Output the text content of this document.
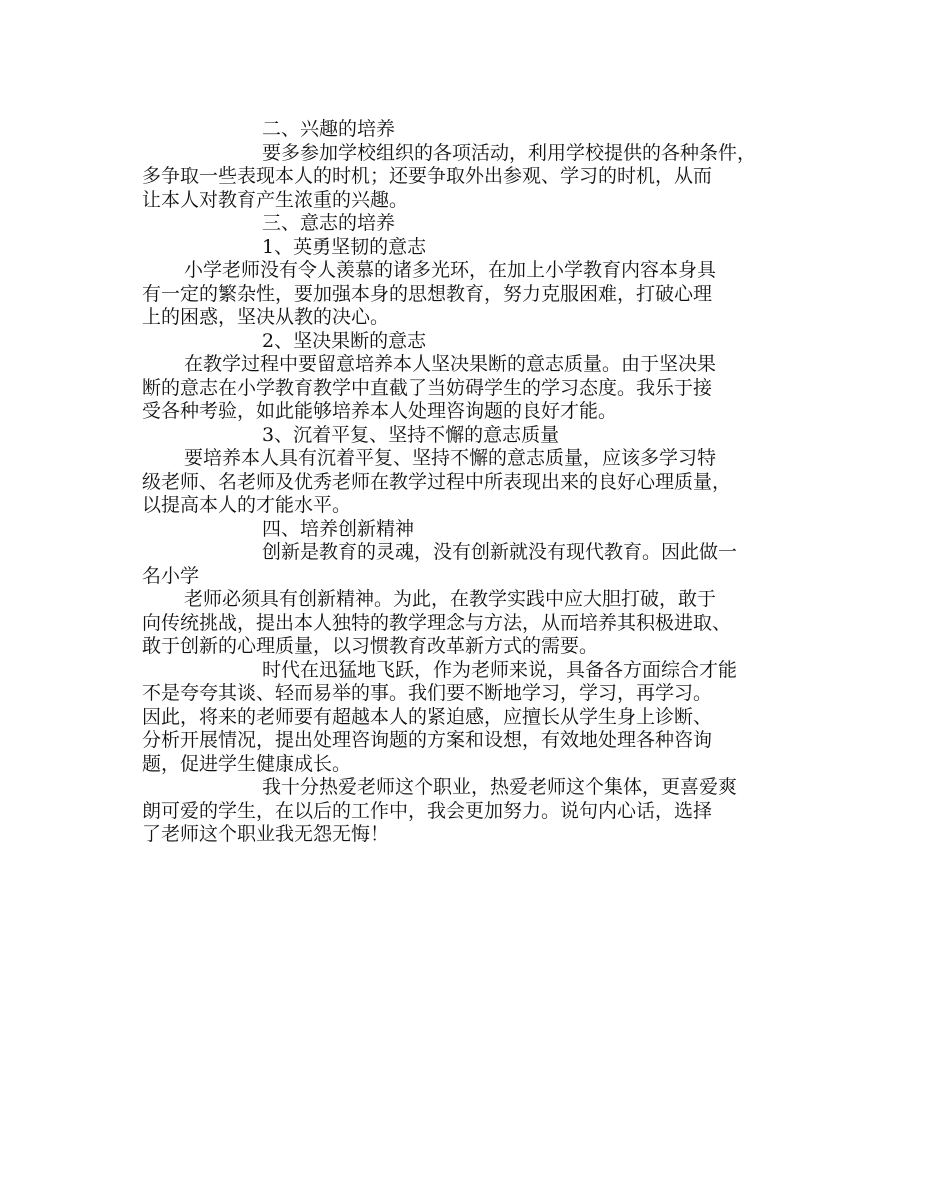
二、兴趣的培养
要多参加学校组织的各项活动，利用学校提供的各种条件，
多争取一些表现本人的时机；还要争取外出参观、学习的时机，从而
让本人对教育产生浓重的兴趣。
三、意志的培养
1、英勇坚韧的意志
小学老师没有令人羡慕的诸多光环，在加上小学教育内容本身具
有一定的繁杂性，要加强本身的思想教育，努力克服困难，打破心理
上的困惑，坚决从教的决心。
2、坚决果断的意志
在教学过程中要留意培养本人坚决果断的意志质量。由于坚决果
断的意志在小学教育教学中直截了当妨碍学生的学习态度。我乐于接
受各种考验，如此能够培养本人处理咨询题的良好才能。
3、沉着平复、坚持不懈的意志质量
要培养本人具有沉着平复、坚持不懈的意志质量，应该多学习特
级老师、名老师及优秀老师在教学过程中所表现出来的良好心理质量，
以提高本人的才能水平。
四、培养创新精神
创新是教育的灵魂，没有创新就没有现代教育。因此做一
名小学
老师必须具有创新精神。为此，在教学实践中应大胆打破，敢于
向传统挑战，提出本人独特的教学理念与方法，从而培养其积极进取、
敢于创新的心理质量，以习惯教育改革新方式的需要。
时代在迅猛地飞跃，作为老师来说，具备各方面综合才能
不是夸夸其谈、轻而易举的事。我们要不断地学习，学习，再学习。
因此，将来的老师要有超越本人的紧迫感，应擅长从学生身上诊断、
分析开展情况，提出处理咨询题的方案和设想，有效地处理各种咨询
题，促进学生健康成长。
我十分热爱老师这个职业，热爱老师这个集体，更喜爱爽
朗可爱的学生，在以后的工作中，我会更加努力。说句内心话，选择
了老师这个职业我无怨无悔！
